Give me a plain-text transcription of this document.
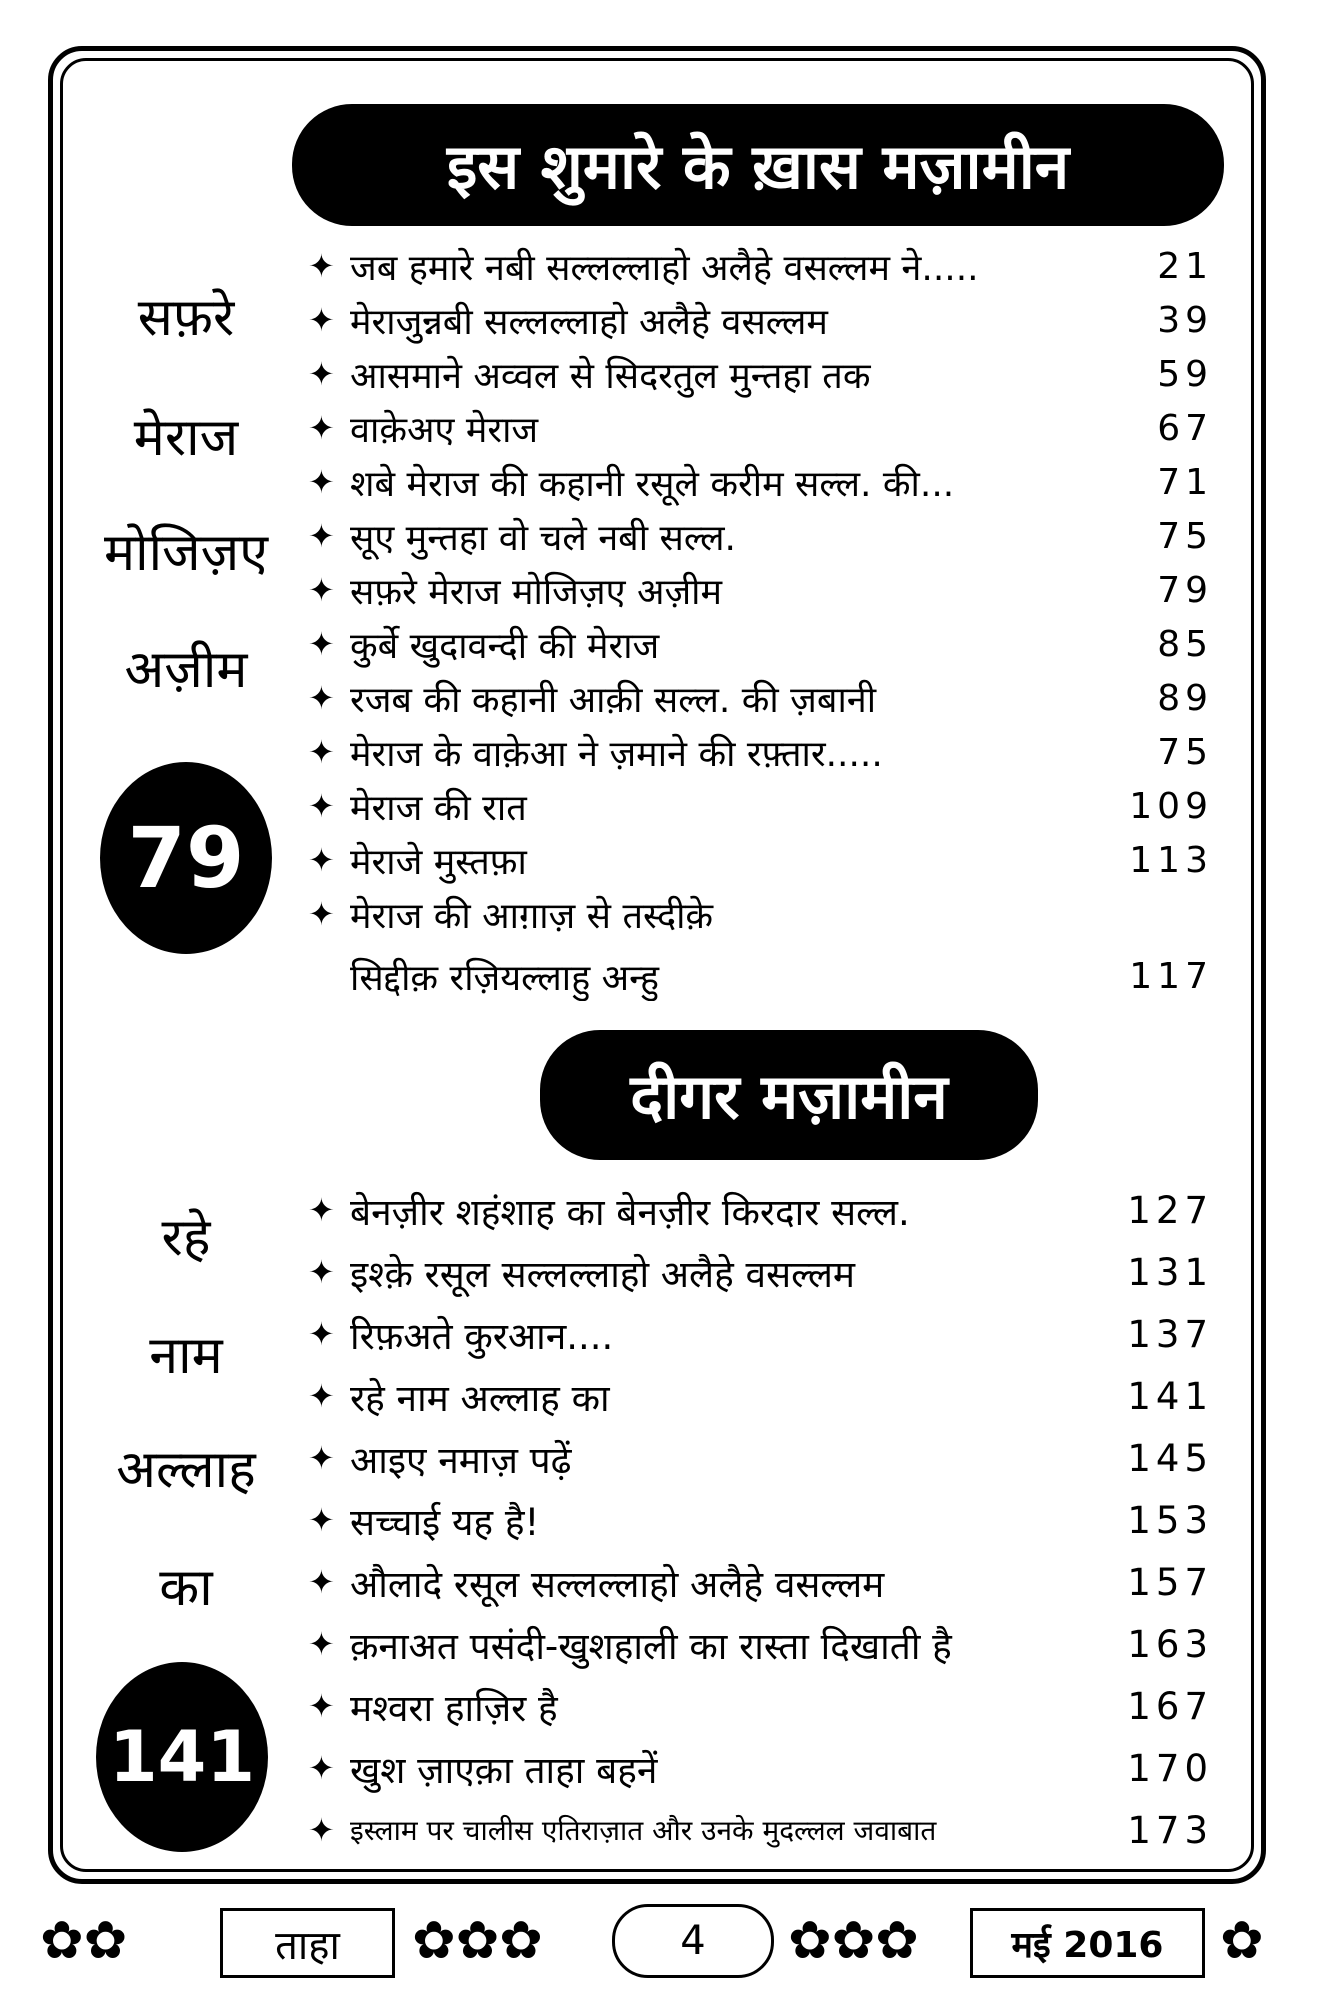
इस शुमारे के ख़ास मज़ामीन
सफ़रे
मेराज
मोजिज़ए
अज़ीम
79
✦ जब हमारे नबी सल्लल्लाहो अलैहे वसल्लम ने.....	21
✦ मेराजुन्नबी सल्लल्लाहो अलैहे वसल्लम	39
✦ आसमाने अव्वल से सिदरतुल मुन्तहा तक	59
✦ वाक़ेअए मेराज	67
✦ शबे मेराज की कहानी रसूले करीम सल्ल. की...	71
✦ सूए मुन्तहा वो चले नबी सल्ल.	75
✦ सफ़रे मेराज मोजिज़ए अज़ीम	79
✦ कुर्बे खुदावन्दी की मेराज	85
✦ रजब की कहानी आक़ी सल्ल. की ज़बानी	89
✦ मेराज के वाक़ेआ ने ज़माने की रफ़्तार.....	75
✦ मेराज की रात	109
✦ मेराजे मुस्तफ़ा	113
✦ मेराज की आग़ाज़ से तस्दीक़े
सिद्दीक़ रज़ियल्लाहु अन्हु	117
दीगर मज़ामीन
रहे
नाम
अल्लाह
का
141
✦ बेनज़ीर शहंशाह का बेनज़ीर किरदार सल्ल.	127
✦ इश्क़े रसूल सल्लल्लाहो अलैहे वसल्लम	131
✦ रिफ़अते कुरआन....	137
✦ रहे नाम अल्लाह का	141
✦ आइए नमाज़ पढ़ें	145
✦ सच्चाई यह है!	153
✦ औलादे रसूल सल्लल्लाहो अलैहे वसल्लम	157
✦ क़नाअत पसंदी-खुशहाली का रास्ता दिखाती है	163
✦ मश्वरा हाज़िर है	167
✦ खुश ज़ाएक़ा ताहा बहनें	170
✦ इस्लाम पर चालीस एतिराज़ात और उनके मुदल्लल जवाबात	173
✿✿	ताहा	✿✿✿	4	✿✿✿	मई 2016	✿
